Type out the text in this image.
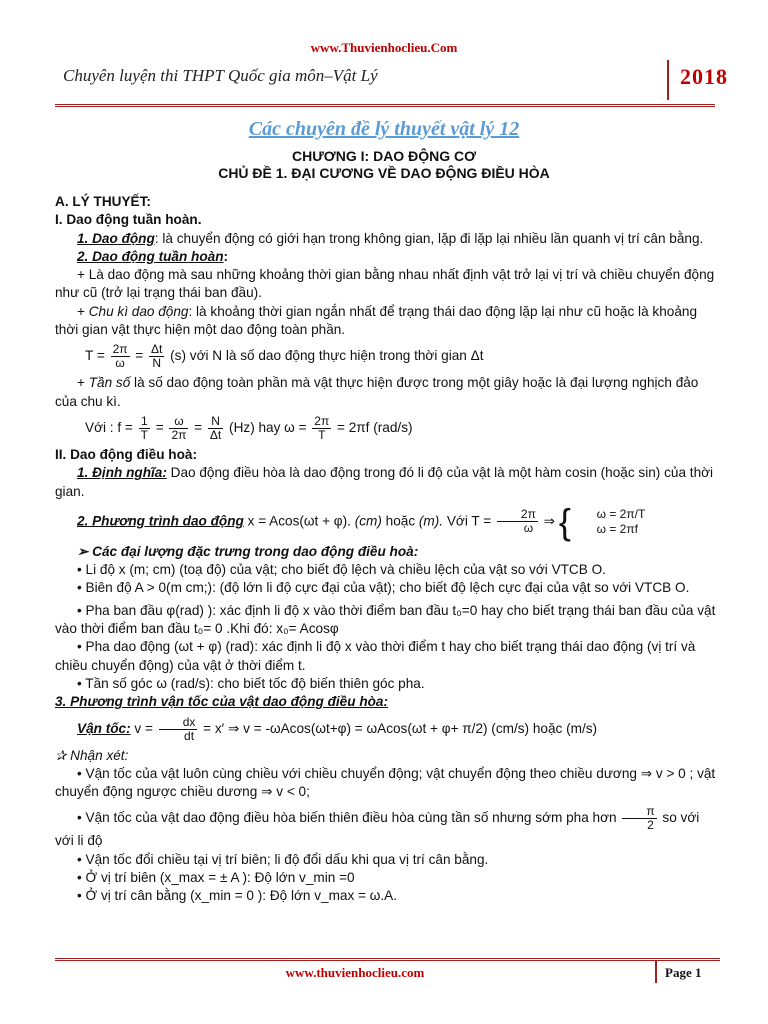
www.Thuvienhoclieu.Com
Chuyên luyện thi THPT Quốc gia môn–Vật Lý	2018
Các chuyên đề lý thuyết vật lý 12
CHƯƠNG I: DAO ĐỘNG CƠ
CHỦ ĐỀ 1. ĐẠI CƯƠNG VỀ DAO ĐỘNG ĐIỀU HÒA

A. LÝ THUYẾT:

I. Dao động tuần hoàn.

1. Dao động: là chuyển động có giới hạn trong không gian, lặp đi lặp lại nhiều lần quanh vị trí cân bằng.

2. Dao động tuần hoàn:

+ Là dao động mà sau những khoảng thời gian bằng nhau nhất định vật trở lại vị trí và chiều chuyển động như cũ (trở lại trạng thái ban đầu).

+ Chu kì dao động: là khoảng thời gian ngắn nhất để trạng thái dao động lặp lại như cũ hoặc là khoảng thời gian vật thực hiện một dao động toàn phần.

$T = \frac{2\pi}{\omega} = \frac{\Delta t}{N} (s)$ với N là số dao động thực hiện trong thời gian Δt

+ Tần số là số dao động toàn phần mà vật thực hiện được trong một giây hoặc là đại lượng nghịch đảo của chu kì.

Với : $f = \frac{1}{T} = \frac{\omega}{2\pi} = \frac{N}{\Delta t} (Hz)$ hay $\omega = \frac{2\pi}{T} = 2\pi f$ (rad/s)

II. Dao động điều hoà:

1. Định nghĩa: Dao động điều hòa là dao động trong đó li độ của vật là một hàm cosin (hoặc sin) của thời gian.

2. Phương trình dao động x = Acos(ωt + φ). (cm) hoặc (m). Với $T = \frac{2\pi}{\omega}$ ⇒ {	ω = 2π/T
ω = 2πf

➢ Các đại lượng đặc trưng trong dao động điều hoà:

• Li độ x (m; cm) (toạ độ) của vật; cho biết độ lệch và chiều lệch của vật so với VTCB O.

• Biên độ A > 0(m cm;): (độ lớn li độ cực đại của vật); cho biết độ lệch cực đại của vật so với VTCB O.

• Pha ban đầu φ(rad) ): xác định li độ x vào thời điểm ban đầu t₀=0 hay cho biết trạng thái ban đầu của vật vào thời điểm ban đầu t₀= 0 .Khi đó: x₀= Acosφ

• Pha dao động (ωt + φ) (rad): xác định li độ x vào thời điểm t hay cho biết trạng thái dao động (vị trí và chiều chuyển động) của vật ở thời điểm t.

• Tần số góc ω (rad/s): cho biết tốc độ biến thiên góc pha.

3. Phương trình vận tốc của vật dao động điều hòa:

Vận tốc: $v = \frac{dx}{dt} = x'$ ⇒ v = -ωAcos(ωt+φ) = ωAcos(ωt + φ+ π/2) (cm/s) hoặc (m/s)

✰ Nhận xét:

• Vận tốc của vật luôn cùng chiều với chiều chuyển động; vật chuyển động theo chiều dương ⇒ v > 0 ; vật chuyển động ngược chiều dương ⇒ v < 0;

• Vận tốc của vật dao động điều hòa biến thiên điều hòa cùng tần số nhưng sớm pha hơn $\frac{\pi}{2}$ so với với li độ

• Vận tốc đổi chiều tại vị trí biên; li độ đổi dấu khi qua vị trí cân bằng.

• Ở vị trí biên (x_max = ± A ): Độ lớn v_min =0

• Ở vị trí cân bằng (x_min = 0 ): Độ lớn v_max = ω.A.

www.thuvienhoclieu.com	Page 1
